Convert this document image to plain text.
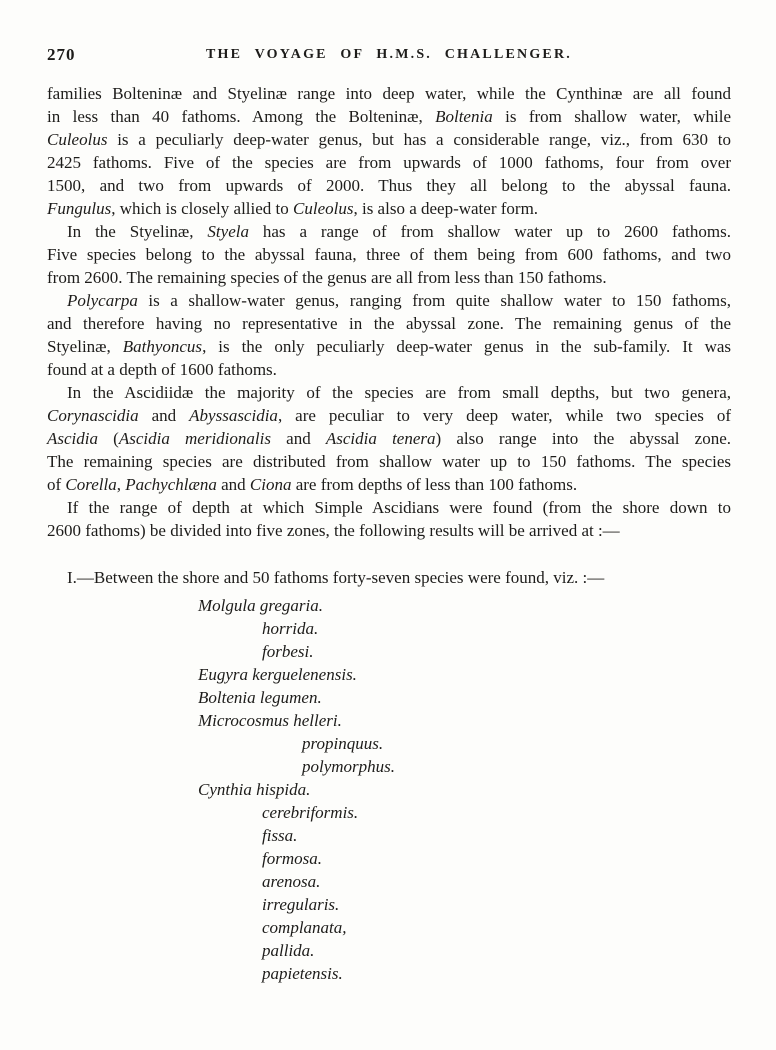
270	THE VOYAGE OF H.M.S. CHALLENGER.
families Bolteninæ and Styelinæ range into deep water, while the Cynthinæ are all found
in less than 40 fathoms. Among the Bolteninæ, Boltenia is from shallow water, while
Culeolus is a peculiarly deep-water genus, but has a considerable range, viz., from 630 to
2425 fathoms. Five of the species are from upwards of 1000 fathoms, four from over
1500, and two from upwards of 2000. Thus they all belong to the abyssal fauna.
Fungulus, which is closely allied to Culeolus, is also a deep-water form.
In the Styelinæ, Styela has a range of from shallow water up to 2600 fathoms.
Five species belong to the abyssal fauna, three of them being from 600 fathoms, and two
from 2600. The remaining species of the genus are all from less than 150 fathoms.
Polycarpa is a shallow-water genus, ranging from quite shallow water to 150 fathoms,
and therefore having no representative in the abyssal zone. The remaining genus of the
Styelinæ, Bathyoncus, is the only peculiarly deep-water genus in the sub-family. It was
found at a depth of 1600 fathoms.
In the Ascidiidæ the majority of the species are from small depths, but two genera,
Corynascidia and Abyssascidia, are peculiar to very deep water, while two species of
Ascidia (Ascidia meridionalis and Ascidia tenera) also range into the abyssal zone.
The remaining species are distributed from shallow water up to 150 fathoms. The species
of Corella, Pachychlæna and Ciona are from depths of less than 100 fathoms.
If the range of depth at which Simple Ascidians were found (from the shore down to
2600 fathoms) be divided into five zones, the following results will be arrived at :—
I.—Between the shore and 50 fathoms forty-seven species were found, viz. :—
Molgula gregaria.
horrida.
forbesi.
Eugyra kerguelenensis.
Boltenia legumen.
Microcosmus helleri.
propinquus.
polymorphus.
Cynthia hispida.
cerebriformis.
fissa.
formosa.
arenosa.
irregularis.
complanata,
pallida.
papietensis.
